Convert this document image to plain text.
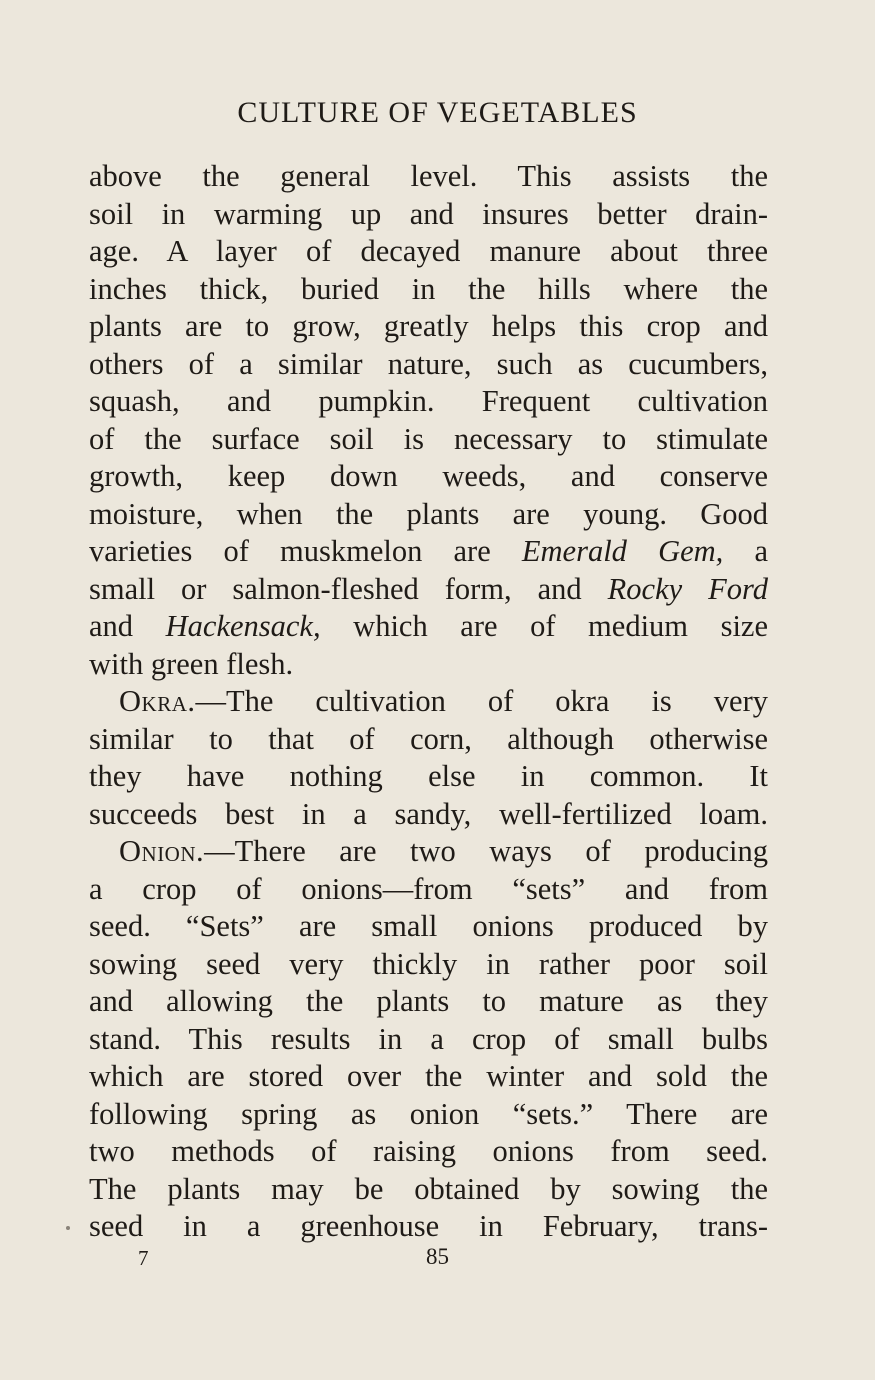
CULTURE OF VEGETABLES
above the general level. This assists the
soil in warming up and insures better drain-
age. A layer of decayed manure about three
inches thick, buried in the hills where the
plants are to grow, greatly helps this crop and
others of a similar nature, such as cucumbers,
squash, and pumpkin. Frequent cultivation
of the surface soil is necessary to stimulate
growth, keep down weeds, and conserve
moisture, when the plants are young. Good
varieties of muskmelon are Emerald Gem, a
small or salmon-fleshed form, and Rocky Ford
and Hackensack, which are of medium size
with green flesh.
Okra.—The cultivation of okra is very
similar to that of corn, although otherwise
they have nothing else in common. It
succeeds best in a sandy, well-fertilized loam.
Onion.—There are two ways of producing
a crop of onions—from “sets” and from
seed. “Sets” are small onions produced by
sowing seed very thickly in rather poor soil
and allowing the plants to mature as they
stand. This results in a crop of small bulbs
which are stored over the winter and sold the
following spring as onion “sets.” There are
two methods of raising onions from seed.
The plants may be obtained by sowing the
seed in a greenhouse in February, trans-
7	85
